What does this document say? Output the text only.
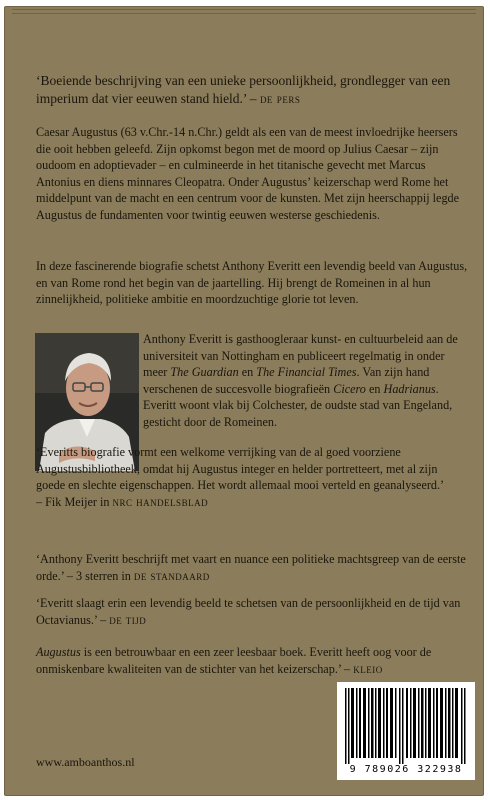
‘Boeiende beschrijving van een unieke persoonlijkheid, grondlegger van een imperium dat vier eeuwen stand hield.’ – de pers

Caesar Augustus (63 v.Chr.-14 n.Chr.) geldt als een van de meest invloedrijke heersers die ooit hebben geleefd. Zijn opkomst begon met de moord op Julius Caesar – zijn oudoom en adoptievader – en culmineerde in het titanische gevecht met Marcus Antonius en diens minnares Cleopatra. Onder Augustus’ keizerschap werd Rome het middelpunt van de macht en een centrum voor de kunsten. Met zijn heerschappij legde Augustus de fundamenten voor twintig eeuwen westerse geschiedenis.

In deze fascinerende biografie schetst Anthony Everitt een levendig beeld van Augustus, en van Rome rond het begin van de jaartelling. Hij brengt de Romeinen in al hun zinnelijkheid, politieke ambitie en moordzuchtige glorie tot leven.

Anthony Everitt is gasthoogleraar kunst- en cultuurbeleid aan de universiteit van Nottingham en publiceert regelmatig in onder meer The Guardian en The Financial Times. Van zijn hand verschenen de succesvolle biografieën Cicero en Hadrianus. Everitt woont vlak bij Colchester, de oudste stad van Engeland, gesticht door de Romeinen.

‘Everitts biografie vormt een welkome verrijking van de al goed voorziene Augustusbibliotheek, omdat hij Augustus integer en helder portretteert, met al zijn goede en slechte eigenschappen. Het wordt allemaal mooi verteld en geanalyseerd.’
– Fik Meijer in nrc handelsblad

‘Anthony Everitt beschrijft met vaart en nuance een politieke machtsgreep van de eerste orde.’ – 3 sterren in de standaard

‘Everitt slaagt erin een levendig beeld te schetsen van de persoonlijkheid en de tijd van Octavianus.’ – de tijd

Augustus is een betrouwbaar en een zeer leesbaar boek. Everitt heeft oog voor de onmiskenbare kwaliteiten van de stichter van het keizerschap.’ – kleio

www.amboanthos.nl
9 789026 322938
